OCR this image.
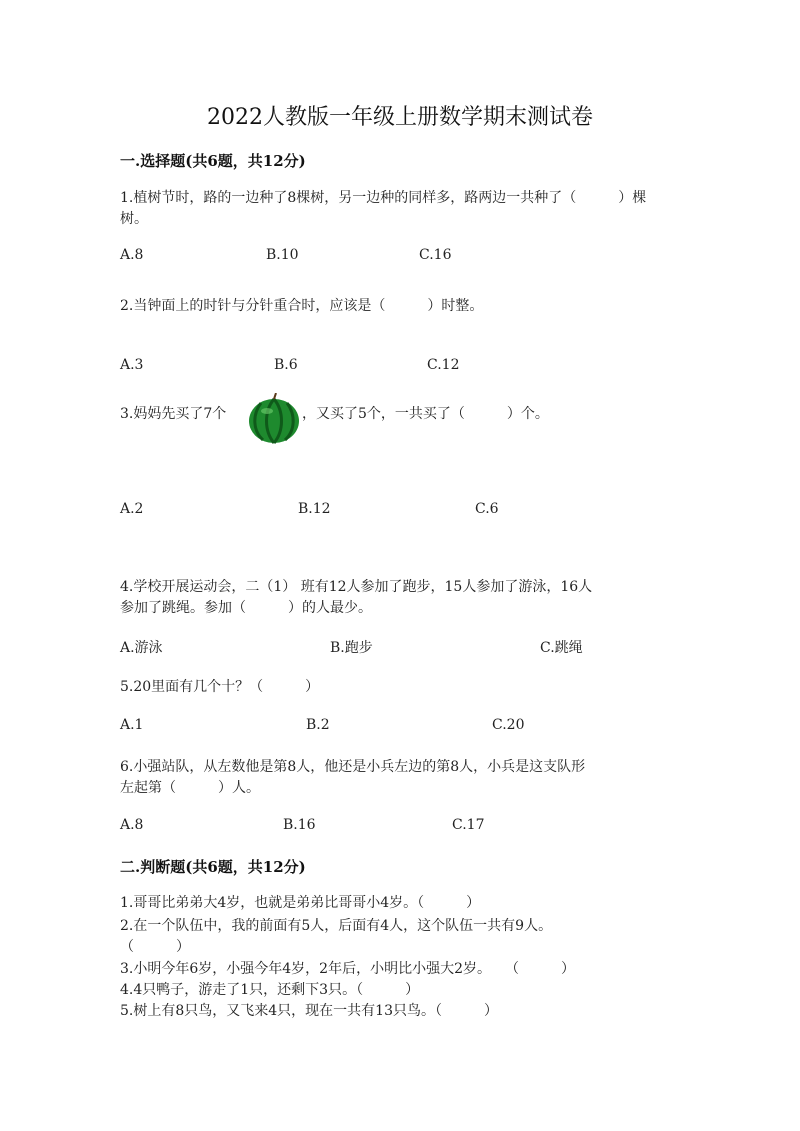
2022人教版一年级上册数学期末测试卷
一.选择题(共6题，共12分)
1.植树节时，路的一边种了8棵树，另一边种的同样多，路两边一共种了（　　　）棵
树。
A.8	B.10	C.16
2.当钟面上的时针与分针重合时，应该是（　　　）时整。
A.3	B.6	C.12
3.妈妈先买了7个	，又买了5个，一共买了（　　　）个。
A.2	B.12	C.6
4.学校开展运动会，二（1） 班有12人参加了跑步，15人参加了游泳，16人
参加了跳绳。参加（　　　）的人最少。
A.游泳	B.跑步	C.跳绳
5.20里面有几个十？（　　　）
A.1	B.2	C.20
6.小强站队，从左数他是第8人，他还是小兵左边的第8人，小兵是这支队形
左起第（　　　）人。
A.8	B.16	C.17
二.判断题(共6题，共12分)
1.哥哥比弟弟大4岁，也就是弟弟比哥哥小4岁。（　　　）
2.在一个队伍中，我的前面有5人，后面有4人，这个队伍一共有9人。
（　　　）
3.小明今年6岁，小强今年4岁，2年后，小明比小强大2岁。　　（　　　）
4.4只鸭子，游走了1只，还剩下3只。（　　　）
5.树上有8只鸟，又飞来4只，现在一共有13只鸟。（　　　）
